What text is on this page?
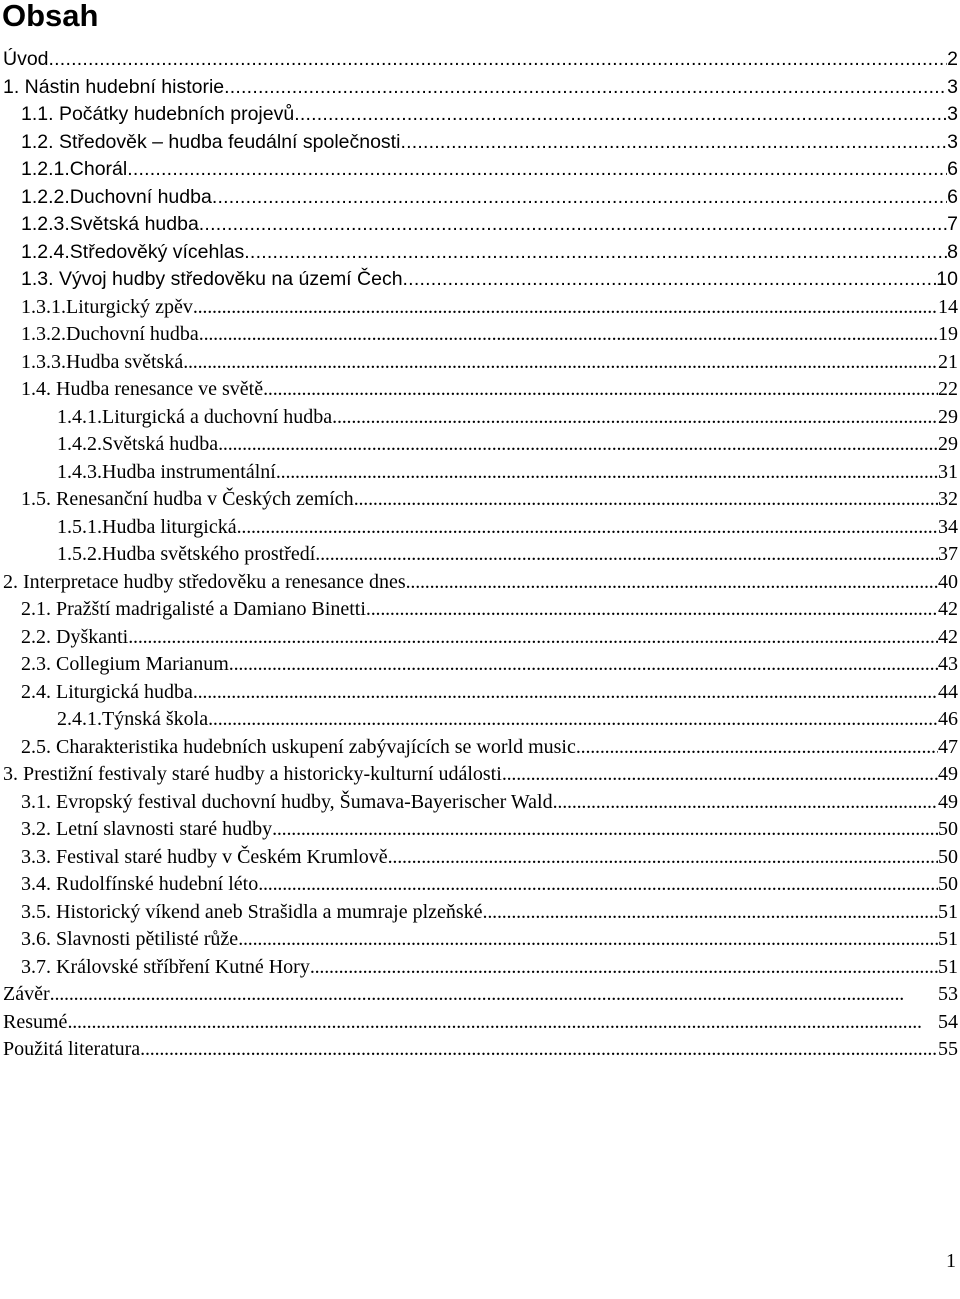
Obsah
Úvod . . .	2
1. Nástin hudební historie . . .	3
1.1. Počátky hudebních projevů . . .	3
1.2. Středověk – hudba feudální společnosti . . .	3
1.2.1.Chorál . . .	6
1.2.2.Duchovní hudba . . .	6
1.2.3.Světská hudba . . .	7
1.2.4.Středověký vícehlas . . .	8
1.3. Vývoj hudby středověku na území Čech . . .	10
1.3.1.Liturgický zpěv . . .	14
1.3.2.Duchovní hudba . . .	19
1.3.3.Hudba světská . . .	21
1.4. Hudba renesance ve světě . . .	22
1.4.1.Liturgická a duchovní hudba . . .	29
1.4.2.Světská hudba . . .	29
1.4.3.Hudba instrumentální . . .	31
1.5. Renesanční hudba v Českých zemích . . .	32
1.5.1.Hudba liturgická . . .	34
1.5.2.Hudba světského prostředí . . .	37
2. Interpretace hudby středověku a renesance dnes . . .	40
2.1. Pražští madrigalisté a Damiano Binetti . . .	42
2.2. Dyškanti . . .	42
2.3. Collegium Marianum . . .	43
2.4. Liturgická hudba . . .	44
2.4.1.Týnská škola . . .	46
2.5. Charakteristika hudebních uskupení zabývajících se world music . . .	47
3. Prestižní festivaly staré hudby a historicky-kulturní události . . .	49
3.1. Evropský festival duchovní hudby, Šumava-Bayerischer Wald . . .	49
3.2. Letní slavnosti staré hudby . . .	50
3.3. Festival staré hudby v Českém Krumlově . . .	50
3.4. Rudolfínské hudební léto . . .	50
3.5. Historický víkend aneb Strašidla a mumraje plzeňské . . .	51
3.6. Slavnosti pětilisté růže . . .	51
3.7. Královské stříbření Kutné Hory . . .	51
Závěr . . .	53
Resumé . . .	54
Použitá literatura . . .	55
1
